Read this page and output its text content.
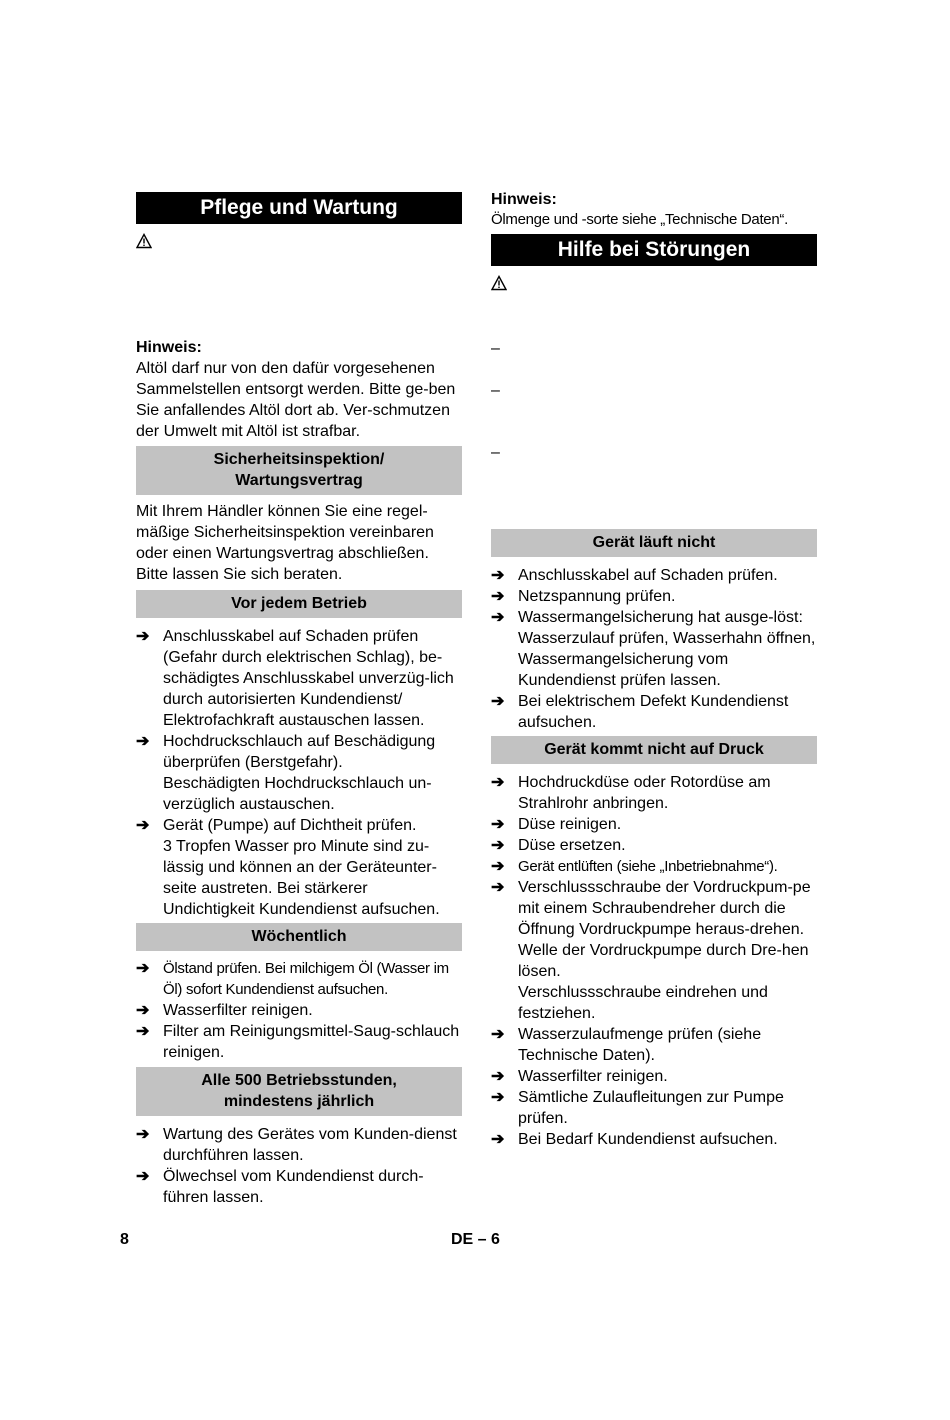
Pflege und Wartung
Hinweis:

Altöl darf nur von den dafür vorgesehenen Sammelstellen entsorgt werden. Bitte ge-ben Sie anfallendes Altöl dort ab. Ver-schmutzen der Umwelt mit Altöl ist strafbar.

Sicherheitsinspektion/
Wartungsvertrag

Mit Ihrem Händler können Sie eine regel-mäßige Sicherheitsinspektion vereinbaren oder einen Wartungsvertrag abschließen. Bitte lassen Sie sich beraten.

Vor jedem Betrieb
➔ Anschlusskabel auf Schaden prüfen (Gefahr durch elektrischen Schlag), be-schädigtes Anschlusskabel unverzüg-lich durch autorisierten Kundendienst/ Elektrofachkraft austauschen lassen.
➔ Hochdruckschlauch auf Beschädigung überprüfen (Berstgefahr).
Beschädigten Hochdruckschlauch un-verzüglich austauschen.
➔ Gerät (Pumpe) auf Dichtheit prüfen.
3 Tropfen Wasser pro Minute sind zu-lässig und können an der Geräteunter-seite austreten. Bei stärkerer Undichtigkeit Kundendienst aufsuchen.
Wöchentlich
➔ Ölstand prüfen. Bei milchigem Öl (Wasser im Öl) sofort Kundendienst aufsuchen.
➔ Wasserfilter reinigen.
➔ Filter am Reinigungsmittel-Saug-schlauch reinigen.
Alle 500 Betriebsstunden,
mindestens jährlich
➔ Wartung des Gerätes vom Kunden-dienst durchführen lassen.
➔ Ölwechsel vom Kundendienst durch-führen lassen.
Hinweis:

Ölmenge und -sorte siehe „Technische Daten“.

Hilfe bei Störungen
–
–
–
Gerät läuft nicht
➔ Anschlusskabel auf Schaden prüfen.
➔ Netzspannung prüfen.
➔ Wassermangelsicherung hat ausge-löst: Wasserzulauf prüfen, Wasserhahn öffnen, Wassermangelsicherung vom Kundendienst prüfen lassen.
➔ Bei elektrischem Defekt Kundendienst aufsuchen.
Gerät kommt nicht auf Druck
➔ Hochdruckdüse oder Rotordüse am Strahlrohr anbringen.
➔ Düse reinigen.
➔ Düse ersetzen.
➔ Gerät entlüften (siehe „Inbetriebnahme“).
➔ Verschlussschraube der Vordruckpum-pe mit einem Schraubendreher durch die Öffnung Vordruckpumpe heraus-drehen.
Welle der Vordruckpumpe durch Dre-hen lösen.
Verschlussschraube eindrehen und festziehen.
➔ Wasserzulaufmenge prüfen (siehe Technische Daten).
➔ Wasserfilter reinigen.
➔ Sämtliche Zulaufleitungen zur Pumpe prüfen.
➔ Bei Bedarf Kundendienst aufsuchen.
8	DE – 6
